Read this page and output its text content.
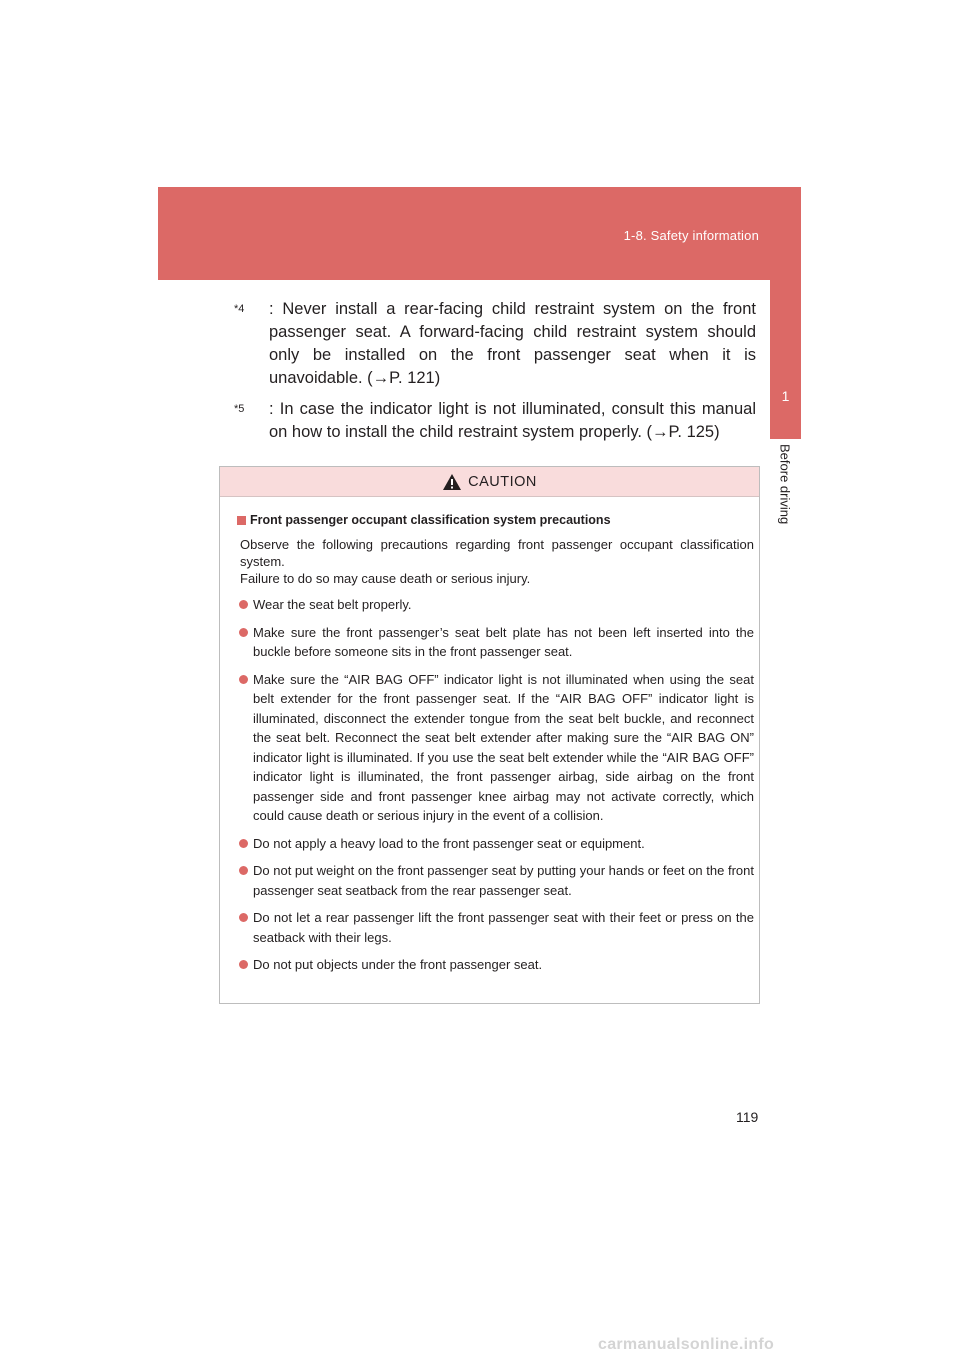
1-8. Safety information
1
Before driving
$^{*4}$ : Never install a rear-facing child restraint system on the front passenger seat. A forward-facing child restraint system should only be installed on the front passenger seat when it is unavoidable. (→P. 121)
$^{*5}$ : In case the indicator light is not illuminated, consult this manual on how to install the child restraint system properly. (→P. 125)
CAUTION
Front passenger occupant classification system precautions
Observe the following precautions regarding front passenger occupant classification system.
Failure to do so may cause death or serious injury.
Wear the seat belt properly.
Make sure the front passenger’s seat belt plate has not been left inserted into the buckle before someone sits in the front passenger seat.
Make sure the “AIR BAG OFF” indicator light is not illuminated when using the seat belt extender for the front passenger seat. If the “AIR BAG OFF” indicator light is illuminated, disconnect the extender tongue from the seat belt buckle, and reconnect the seat belt. Reconnect the seat belt extender after making sure the “AIR BAG ON” indicator light is illuminated. If you use the seat belt extender while the “AIR BAG OFF” indicator light is illuminated, the front passenger airbag, side airbag on the front passenger side and front passenger knee airbag may not activate correctly, which could cause death or serious injury in the event of a collision.
Do not apply a heavy load to the front passenger seat or equipment.
Do not put weight on the front passenger seat by putting your hands or feet on the front passenger seat seatback from the rear passenger seat.
Do not let a rear passenger lift the front passenger seat with their feet or press on the seatback with their legs.
Do not put objects under the front passenger seat.
119
carmanualsonline.info
